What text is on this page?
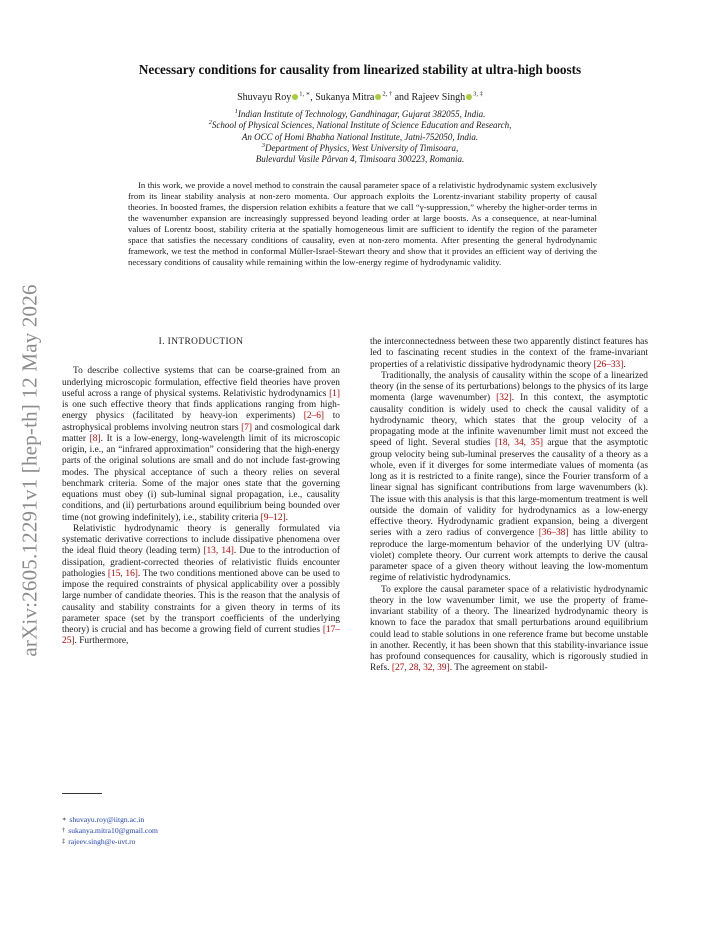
arXiv:2605.12291v1 [hep-th] 12 May 2026
Necessary conditions for causality from linearized stability at ultra-high boosts
Shuvayu Roy $^{1, ∗}$, Sukanya Mitra $^{2, \dagger}$ and Rajeev Singh $^{3, \ddagger}$
$^1$Indian Institute of Technology, Gandhinagar, Gujarat 382055, India.
$^2$School of Physical Sciences, National Institute of Science Education and Research,
An OCC of Homi Bhabha National Institute, Jatni-752050, India.
$^3$Department of Physics, West University of Timisoara,
Bulevardul Vasile Pârvan 4, Timisoara 300223, Romania.

In this work, we provide a novel method to constrain the causal parameter space of a relativistic hydrodynamic system exclusively from its linear stability analysis at non-zero momenta. Our approach exploits the Lorentz-invariant stability property of causal theories. In boosted frames, the dispersion relation exhibits a feature that we call “γ-suppression,” whereby the higher-order terms in the wavenumber expansion are increasingly suppressed beyond leading order at large boosts. As a consequence, at near-luminal values of Lorentz boost, stability criteria at the spatially homogeneous limit are sufficient to identify the region of the parameter space that satisfies the necessary conditions of causality, even at non-zero momenta. After presenting the general hydrodynamic framework, we test the method in conformal Müller-Israel-Stewart theory and show that it provides an efficient way of deriving the necessary conditions of causality while remaining within the low-energy regime of hydrodynamic validity.

I. INTRODUCTION

To describe collective systems that can be coarse-grained from an underlying microscopic formulation, effective field theories have proven useful across a range of physical systems. Relativistic hydrodynamics [1] is one such effective theory that finds applications ranging from high-energy physics (facilitated by heavy-ion experiments) [2–6] to astrophysical problems involving neutron stars [7] and cosmological dark matter [8]. It is a low-energy, long-wavelength limit of its microscopic origin, i.e., an “infrared approximation” considering that the high-energy parts of the original solutions are small and do not include fast-growing modes. The physical acceptance of such a theory relies on several benchmark criteria. Some of the major ones state that the governing equations must obey (i) sub-luminal signal propagation, i.e., causality conditions, and (ii) perturbations around equilibrium being bounded over time (not growing indefinitely), i.e., stability criteria [9–12].

Relativistic hydrodynamic theory is generally formulated via systematic derivative corrections to include dissipative phenomena over the ideal fluid theory (leading term) [13, 14]. Due to the introduction of dissipation, gradient-corrected theories of relativistic fluids encounter pathologies [15, 16]. The two conditions mentioned above can be used to impose the required constraints of physical applicability over a possibly large number of candidate theories. This is the reason that the analysis of causality and stability constraints for a given theory in terms of its parameter space (set by the transport coefficients of the underlying theory) is crucial and has become a growing field of current studies [17–25]. Furthermore,

the interconnectedness between these two apparently distinct features has led to fascinating recent studies in the context of the frame-invariant properties of a relativistic dissipative hydrodynamic theory [26–33].

Traditionally, the analysis of causality within the scope of a linearized theory (in the sense of its perturbations) belongs to the physics of its large momenta (large wavenumber) [32]. In this context, the asymptotic causality condition is widely used to check the causal validity of a hydrodynamic theory, which states that the group velocity of a propagating mode at the infinite wavenumber limit must not exceed the speed of light. Several studies [18, 34, 35] argue that the asymptotic group velocity being sub-luminal preserves the causality of a theory as a whole, even if it diverges for some intermediate values of momenta (as long as it is restricted to a finite range), since the Fourier transform of a linear signal has significant contributions from large wavenumbers (k). The issue with this analysis is that this large-momentum treatment is well outside the domain of validity for hydrodynamics as a low-energy effective theory. Hydrodynamic gradient expansion, being a divergent series with a zero radius of convergence [36–38] has little ability to reproduce the large-momentum behavior of the underlying UV (ultra-violet) complete theory. Our current work attempts to derive the causal parameter space of a given theory without leaving the low-momentum regime of relativistic hydrodynamics.

To explore the causal parameter space of a relativistic hydrodynamic theory in the low wavenumber limit, we use the property of frame-invariant stability of a theory. The linearized hydrodynamic theory is known to face the paradox that small perturbations around equilibrium could lead to stable solutions in one reference frame but become unstable in another. Recently, it has been shown that this stability-invariance issue has profound consequences for causality, which is rigorously studied in Refs. [27, 28, 32, 39]. The agreement on stabil-

∗ shuvayu.roy@iitgn.ac.in
† sukanya.mitra10@gmail.com
‡ rajeev.singh@e-uvt.ro
